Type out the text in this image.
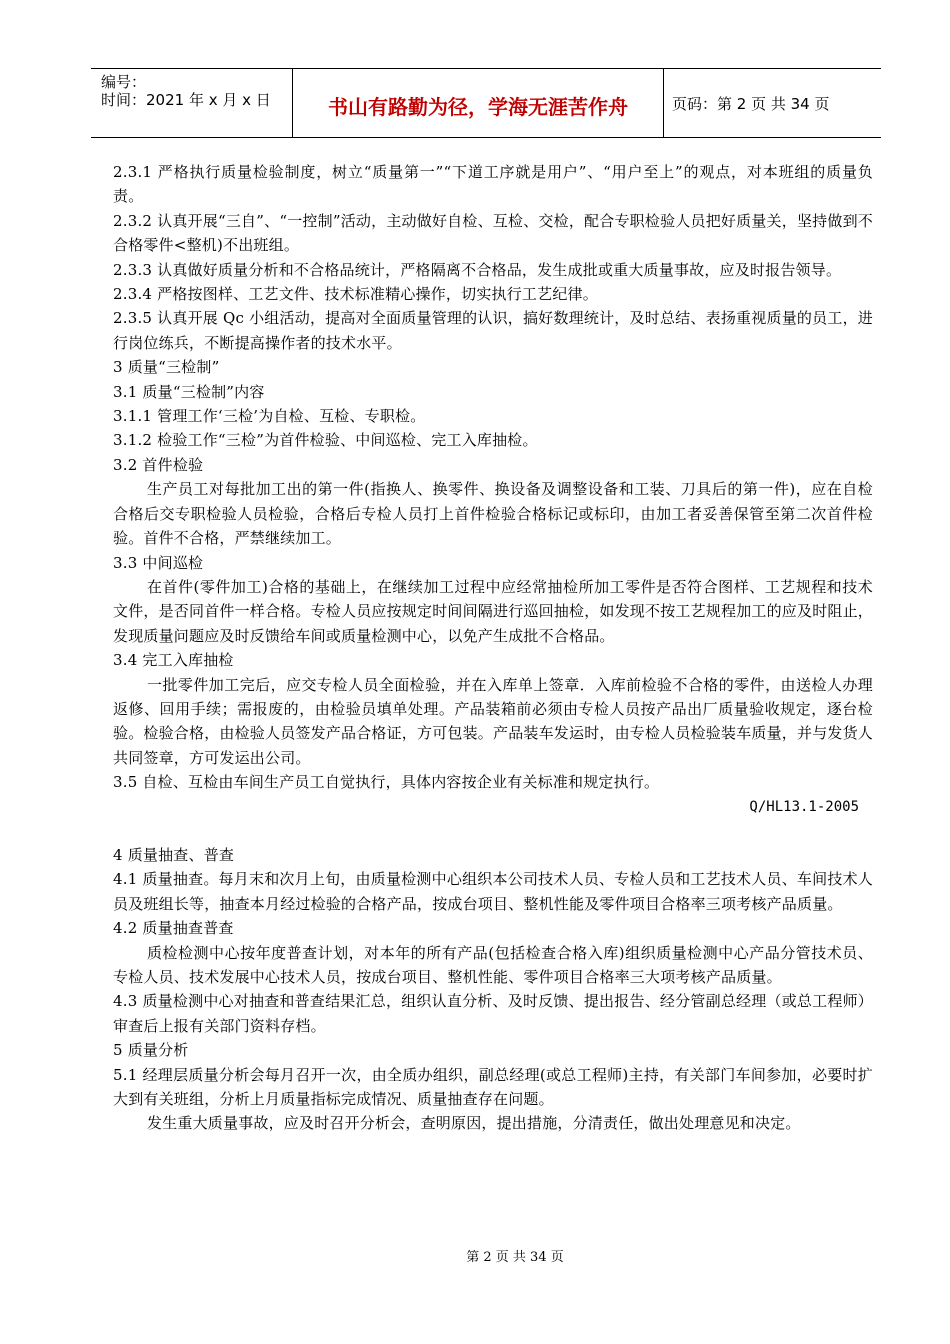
编号：
时间：2021 年 x 月 x 日	书山有路勤为径，学海无涯苦作舟	页码：第 2 页 共 34 页

2.3.1 严格执行质量检验制度，树立“质量第一”“下道工序就是用户”、“用户至上”的观点，对本班组的质量负责。

2.3.2 认真开展“三自”、“一控制”活动，主动做好自检、互检、交检，配合专职检验人员把好质量关，坚持做到不合格零件<整机)不出班组。

2.3.3 认真做好质量分析和不合格品统计，严格隔离不合格品，发生成批或重大质量事故，应及时报告领导。

2.3.4 严格按图样、工艺文件、技术标准精心操作，切实执行工艺纪律。

2.3.5 认真开展 Qc 小组活动，提高对全面质量管理的认识，搞好数理统计，及时总结、表扬重视质量的员工，进行岗位练兵，不断提高操作者的技术水平。

3 质量“三检制”

3.1 质量“三检制”内容

3.1.1 管理工作‘三检’为自检、互检、专职检。

3.1.2 检验工作“三检”为首件检验、中间巡检、完工入库抽检。

3.2 首件检验

生产员工对每批加工出的第一件(指换人、换零件、换设备及调整设备和工装、刀具后的第一件)，应在自检合格后交专职检验人员检验，合格后专检人员打上首件检验合格标记或标印，由加工者妥善保管至第二次首件检验。首件不合格，严禁继续加工。

3.3 中间巡检

在首件(零件加工)合格的基础上，在继续加工过程中应经常抽检所加工零件是否符合图样、工艺规程和技术文件，是否同首件一样合格。专检人员应按规定时间间隔进行巡回抽检，如发现不按工艺规程加工的应及时阻止，发现质量问题应及时反馈给车间或质量检测中心，以免产生成批不合格品。

3.4 完工入库抽检

一批零件加工完后，应交专检人员全面检验，并在入库单上签章．入库前检验不合格的零件，由送检人办理返修、回用手续；需报废的，由检验员填单处理。产品装箱前必须由专检人员按产品出厂质量验收规定，逐台检验。检验合格，由检验人员签发产品合格证，方可包装。产品装车发运时，由专检人员检验装车质量，并与发货人共同签章，方可发运出公司。

3.5 自检、互检由车间生产员工自觉执行，具体内容按企业有关标准和规定执行。

Q/HL13.1-2005

4 质量抽查、普查

4.1 质量抽查。每月末和次月上旬，由质量检测中心组织本公司技术人员、专检人员和工艺技术人员、车间技术人员及班组长等，抽查本月经过检验的合格产品，按成台项目、整机性能及零件项目合格率三项考核产品质量。

4.2 质量抽查普查

质检检测中心按年度普查计划，对本年的所有产品(包括检查合格入库)组织质量检测中心产品分管技术员、专检人员、技术发展中心技术人员，按成台项目、整机性能、零件项目合格率三大项考核产品质量。

4.3 质量检测中心对抽查和普查结果汇总，组织认直分析、及时反馈、提出报告、经分管副总经理（或总工程师）审查后上报有关部门资料存档。

5 质量分析

5.1 经理层质量分析会每月召开一次，由全质办组织，副总经理(或总工程师)主持，有关部门车间参加，必要时扩大到有关班组，分析上月质量指标完成情况、质量抽查存在问题。

发生重大质量事故，应及时召开分析会，查明原因，提出措施，分清责任，做出处理意见和决定。

第 2 页 共 34 页
